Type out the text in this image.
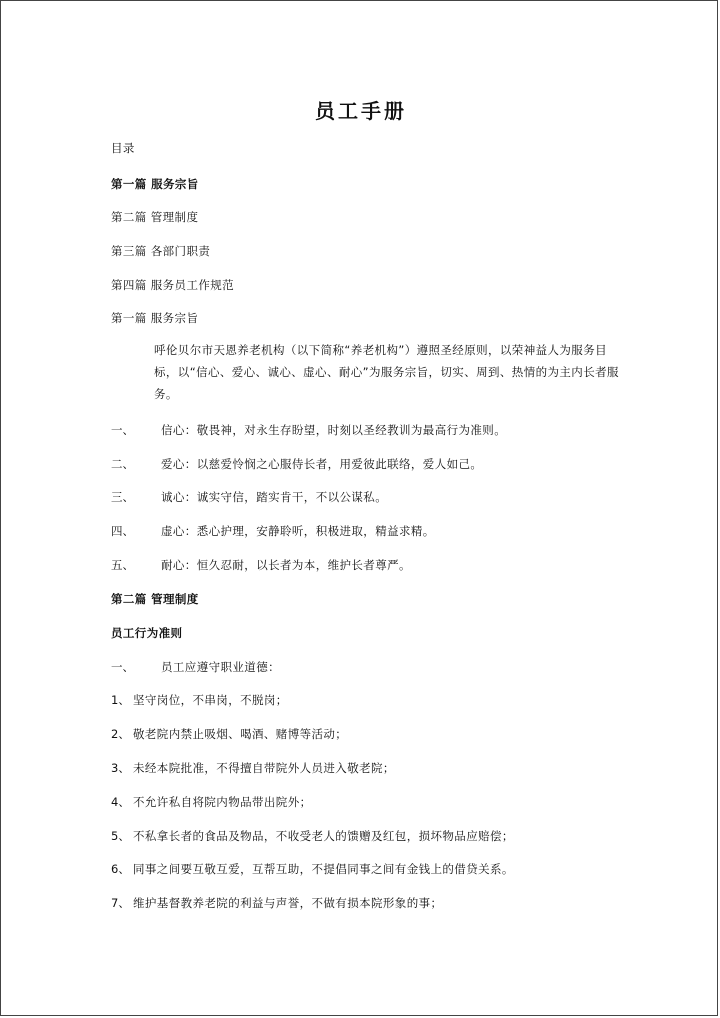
员工手册
目录
第一篇 服务宗旨
第二篇 管理制度
第三篇 各部门职责
第四篇 服务员工作规范
第一篇 服务宗旨
呼伦贝尔市天恩养老机构（以下简称“养老机构”）遵照圣经原则，以荣神益人为服务目标，以“信心、爱心、诚心、虚心、耐心”为服务宗旨，切实、周到、热情的为主内长者服务。
一、 信心：敬畏神，对永生存盼望，时刻以圣经教训为最高行为准则。
二、 爱心：以慈爱怜悯之心服侍长者，用爱彼此联络，爱人如己。
三、 诚心：诚实守信，踏实肯干，不以公谋私。
四、 虚心：悉心护理，安静聆听，积极进取，精益求精。
五、 耐心：恒久忍耐，以长者为本，维护长者尊严。
第二篇 管理制度
员工行为准则
一、 员工应遵守职业道德：
1、 坚守岗位，不串岗，不脱岗；
2、 敬老院内禁止吸烟、喝酒、赌博等活动；
3、 未经本院批准，不得擅自带院外人员进入敬老院；
4、 不允许私自将院内物品带出院外；
5、 不私拿长者的食品及物品，不收受老人的馈赠及红包，损坏物品应赔偿；
6、 同事之间要互敬互爱，互帮互助，不提倡同事之间有金钱上的借贷关系。
7、 维护基督教养老院的利益与声誉，不做有损本院形象的事；
